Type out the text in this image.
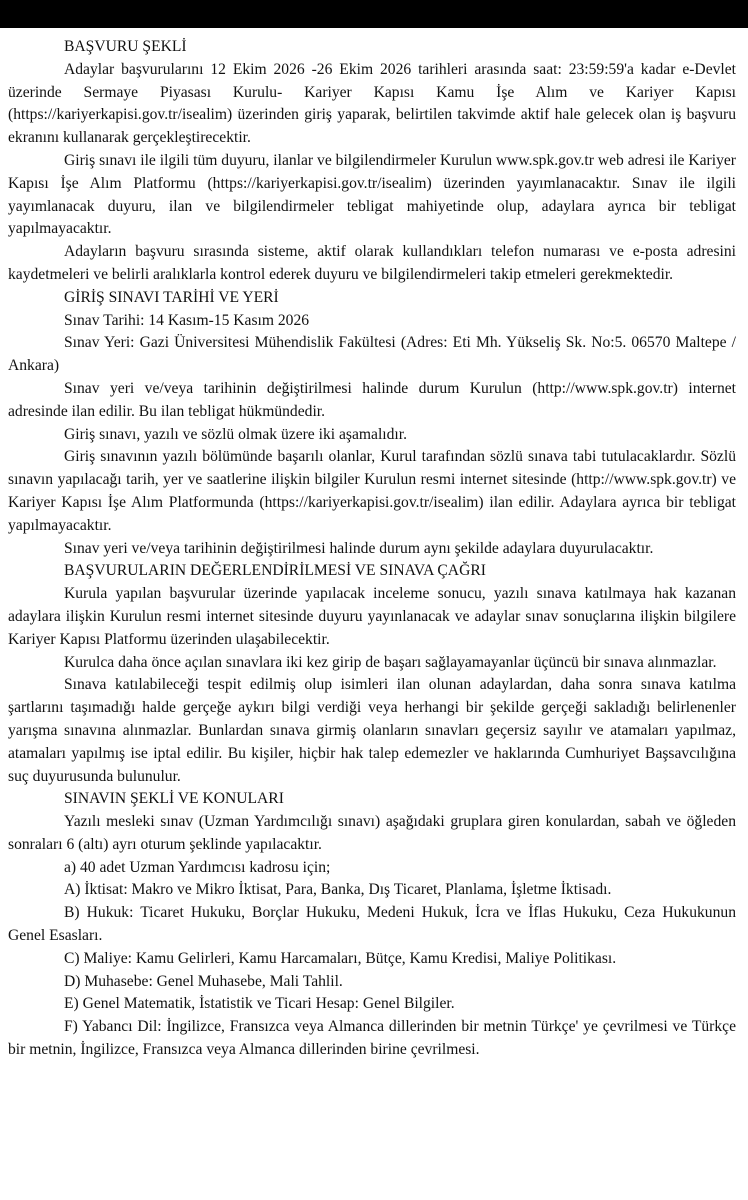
BAŞVURU ŞEKLİ

Adaylar başvurularını 12 Ekim 2026 -26 Ekim 2026 tarihleri arasında saat: 23:59:59'a kadar e-Devlet üzerinde Sermaye Piyasası Kurulu- Kariyer Kapısı Kamu İşe Alım ve Kariyer Kapısı (https://kariyerkapisi.gov.tr/isealim) üzerinden giriş yaparak, belirtilen takvimde aktif hale gelecek olan iş başvuru ekranını kullanarak gerçekleştirecektir.

Giriş sınavı ile ilgili tüm duyuru, ilanlar ve bilgilendirmeler Kurulun www.spk.gov.tr web adresi ile Kariyer Kapısı İşe Alım Platformu (https://kariyerkapisi.gov.tr/isealim) üzerinden yayımlanacaktır. Sınav ile ilgili yayımlanacak duyuru, ilan ve bilgilendirmeler tebligat mahiyetinde olup, adaylara ayrıca bir tebligat yapılmayacaktır.

Adayların başvuru sırasında sisteme, aktif olarak kullandıkları telefon numarası ve e-posta adresini kaydetmeleri ve belirli aralıklarla kontrol ederek duyuru ve bilgilendirmeleri takip etmeleri gerekmektedir.

GİRİŞ SINAVI TARİHİ VE YERİ

Sınav Tarihi: 14 Kasım-15 Kasım 2026

Sınav Yeri: Gazi Üniversitesi Mühendislik Fakültesi (Adres: Eti Mh. Yükseliş Sk. No:5. 06570 Maltepe / Ankara)

Sınav yeri ve/veya tarihinin değiştirilmesi halinde durum Kurulun (http://www.spk.gov.tr) internet adresinde ilan edilir. Bu ilan tebligat hükmündedir.

Giriş sınavı, yazılı ve sözlü olmak üzere iki aşamalıdır.

Giriş sınavının yazılı bölümünde başarılı olanlar, Kurul tarafından sözlü sınava tabi tutulacaklardır. Sözlü sınavın yapılacağı tarih, yer ve saatlerine ilişkin bilgiler Kurulun resmi internet sitesinde (http://www.spk.gov.tr) ve Kariyer Kapısı İşe Alım Platformunda (https://kariyerkapisi.gov.tr/isealim) ilan edilir. Adaylara ayrıca bir tebligat yapılmayacaktır.

Sınav yeri ve/veya tarihinin değiştirilmesi halinde durum aynı şekilde adaylara duyurulacaktır.

BAŞVURULARIN DEĞERLENDİRİLMESİ VE SINAVA ÇAĞRI

Kurula yapılan başvurular üzerinde yapılacak inceleme sonucu, yazılı sınava katılmaya hak kazanan adaylara ilişkin Kurulun resmi internet sitesinde duyuru yayınlanacak ve adaylar sınav sonuçlarına ilişkin bilgilere Kariyer Kapısı Platformu üzerinden ulaşabilecektir.

Kurulca daha önce açılan sınavlara iki kez girip de başarı sağlayamayanlar üçüncü bir sınava alınmazlar.

Sınava katılabileceği tespit edilmiş olup isimleri ilan olunan adaylardan, daha sonra sınava katılma şartlarını taşımadığı halde gerçeğe aykırı bilgi verdiği veya herhangi bir şekilde gerçeği sakladığı belirlenenler yarışma sınavına alınmazlar. Bunlardan sınava girmiş olanların sınavları geçersiz sayılır ve atamaları yapılmaz, atamaları yapılmış ise iptal edilir. Bu kişiler, hiçbir hak talep edemezler ve haklarında Cumhuriyet Başsavcılığına suç duyurusunda bulunulur.

SINAVIN ŞEKLİ VE KONULARI

Yazılı mesleki sınav (Uzman Yardımcılığı sınavı) aşağıdaki gruplara giren konulardan, sabah ve öğleden sonraları 6 (altı) ayrı oturum şeklinde yapılacaktır.

a) 40 adet Uzman Yardımcısı kadrosu için;

A) İktisat: Makro ve Mikro İktisat, Para, Banka, Dış Ticaret, Planlama, İşletme İktisadı.

B) Hukuk: Ticaret Hukuku, Borçlar Hukuku, Medeni Hukuk, İcra ve İflas Hukuku, Ceza Hukukunun Genel Esasları.

C) Maliye: Kamu Gelirleri, Kamu Harcamaları, Bütçe, Kamu Kredisi, Maliye Politikası.

D) Muhasebe: Genel Muhasebe, Mali Tahlil.

E) Genel Matematik, İstatistik ve Ticari Hesap: Genel Bilgiler.

F) Yabancı Dil: İngilizce, Fransızca veya Almanca dillerinden bir metnin Türkçe' ye çevrilmesi ve Türkçe bir metnin, İngilizce, Fransızca veya Almanca dillerinden birine çevrilmesi.
